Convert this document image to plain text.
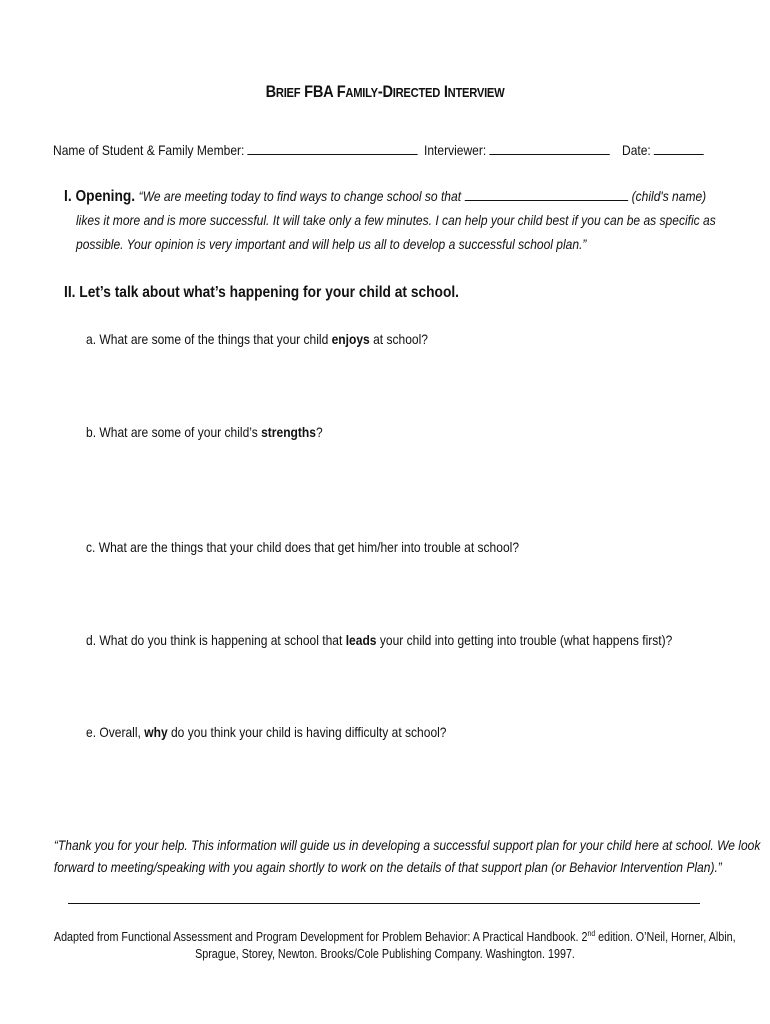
BRIEF FBA FAMILY-DIRECTED INTERVIEW
Name of Student & Family Member:	Interviewer:	Date:
I. Opening. “We are meeting today to find ways to change school so that	(child's name)
likes it more and is more successful. It will take only a few minutes. I can help your child best if you can be as specific as
possible. Your opinion is very important and will help us all to develop a successful school plan.”
II. Let’s talk about what’s happening for your child at school.
a. What are some of the things that your child enjoys at school?
b. What are some of your child’s strengths?
c. What are the things that your child does that get him/her into trouble at school?
d. What do you think is happening at school that leads your child into getting into trouble (what happens first)?
e. Overall, why do you think your child is having difficulty at school?
“Thank you for your help. This information will guide us in developing a successful support plan for your child here at school. We look
forward to meeting/speaking with you again shortly to work on the details of that support plan (or Behavior Intervention Plan).”
Adapted from Functional Assessment and Program Development for Problem Behavior: A Practical Handbook. 2nd edition. O’Neil, Horner, Albin,
Sprague, Storey, Newton. Brooks/Cole Publishing Company. Washington. 1997.
